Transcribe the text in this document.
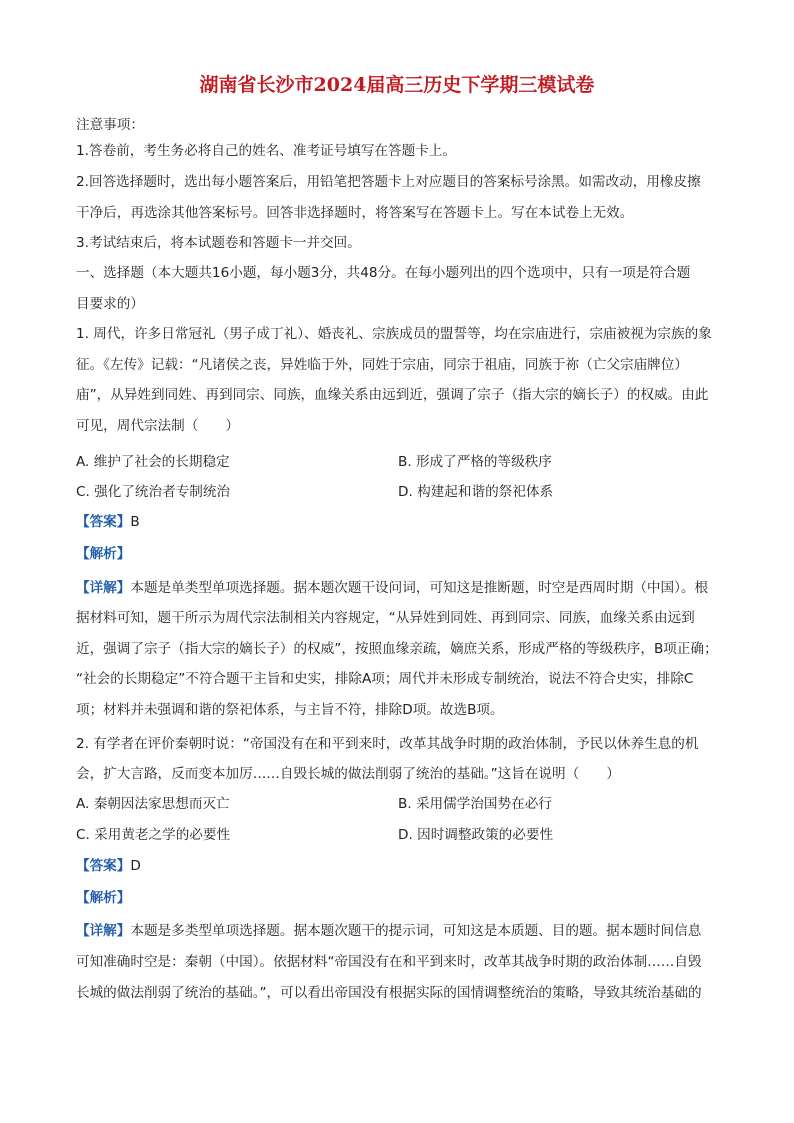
湖南省长沙市2024届高三历史下学期三模试卷
注意事项：
1.答卷前，考生务必将自己的姓名、准考证号填写在答题卡上。
2.回答选择题时，选出每小题答案后，用铅笔把答题卡上对应题目的答案标号涂黑。如需改动，用橡皮擦
干净后，再选涂其他答案标号。回答非选择题时，将答案写在答题卡上。写在本试卷上无效。
3.考试结束后，将本试题卷和答题卡一并交回。
一、选择题（本大题共16小题，每小题3分，共48分。在每小题列出的四个选项中，只有一项是符合题
目要求的）
1. 周代，许多日常冠礼（男子成丁礼）、婚丧礼、宗族成员的盟誓等，均在宗庙进行，宗庙被视为宗族的象
征。《左传》记载：“凡诸侯之丧，异姓临于外，同姓于宗庙，同宗于祖庙，同族于祢（亡父宗庙牌位）
庙”，从异姓到同姓、再到同宗、同族，血缘关系由远到近，强调了宗子（指大宗的嫡长子）的权威。由此
可见，周代宗法制（　　）
A. 维护了社会的长期稳定	B. 形成了严格的等级秩序
C. 强化了统治者专制统治	D. 构建起和谐的祭祀体系
【答案】B
【解析】
【详解】本题是单类型单项选择题。据本题次题干设问词，可知这是推断题，时空是西周时期（中国）。根
据材料可知，题干所示为周代宗法制相关内容规定，“从异姓到同姓、再到同宗、同族，血缘关系由远到
近，强调了宗子（指大宗的嫡长子）的权威”，按照血缘亲疏，嫡庶关系，形成严格的等级秩序，B项正确；
“社会的长期稳定”不符合题干主旨和史实，排除A项；周代并未形成专制统治，说法不符合史实，排除C
项；材料并未强调和谐的祭祀体系，与主旨不符，排除D项。故选B项。
2. 有学者在评价秦朝时说：“帝国没有在和平到来时，改革其战争时期的政治体制，予民以休养生息的机
会，扩大言路，反而变本加厉……自毁长城的做法削弱了统治的基础。”这旨在说明（　　）
A. 秦朝因法家思想而灭亡	B. 采用儒学治国势在必行
C. 采用黄老之学的必要性	D. 因时调整政策的必要性
【答案】D
【解析】
【详解】本题是多类型单项选择题。据本题次题干的提示词，可知这是本质题、目的题。据本题时间信息
可知准确时空是：秦朝（中国）。依据材料“帝国没有在和平到来时，改革其战争时期的政治体制……自毁
长城的做法削弱了统治的基础。”，可以看出帝国没有根据实际的国情调整统治的策略，导致其统治基础的
